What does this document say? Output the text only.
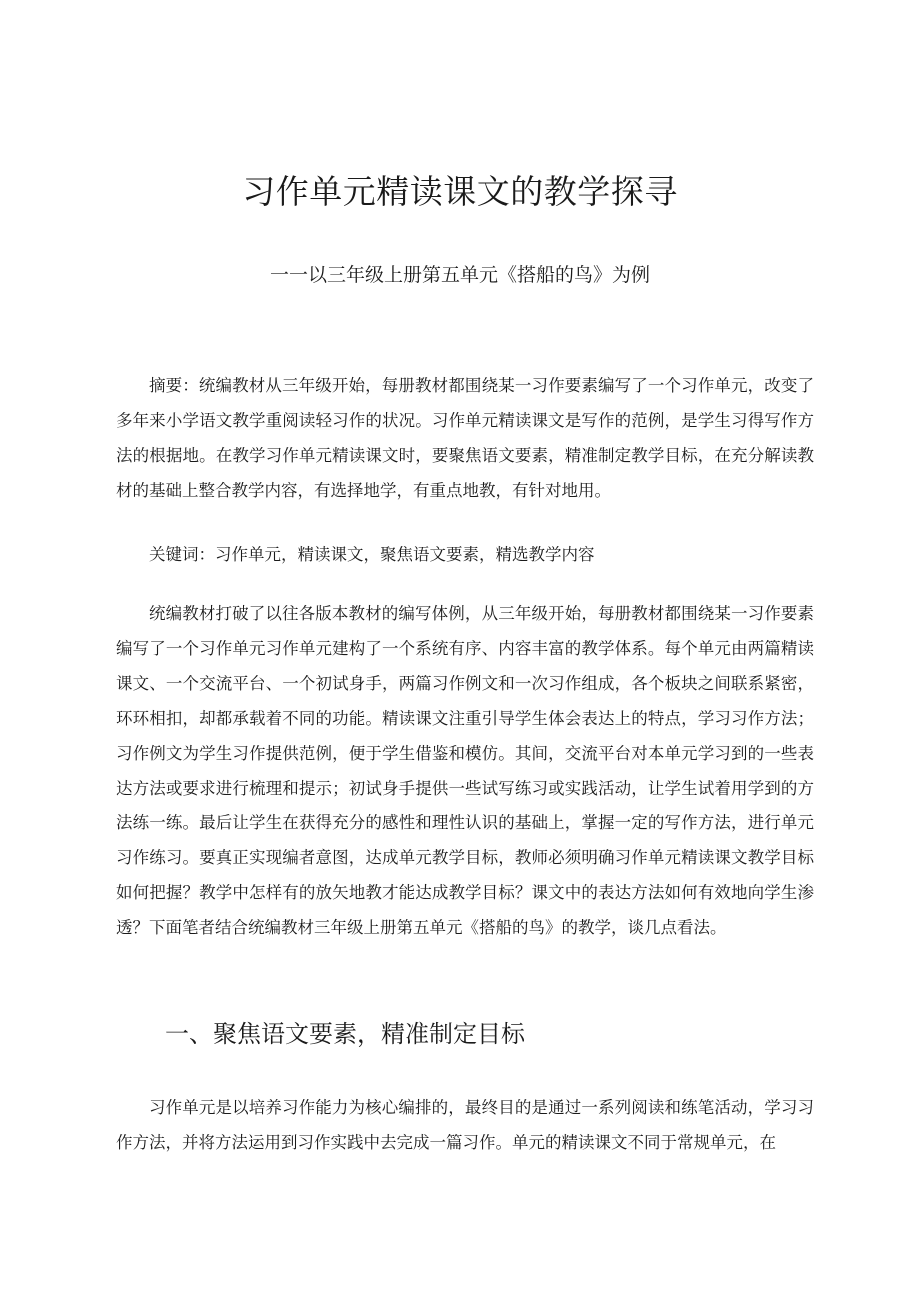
习作单元精读课文的教学探寻

一一以三年级上册第五单元《搭船的鸟》为例

摘要：统编教材从三年级开始，每册教材都围绕某一习作要素编写了一个习作单元，改变了多年来小学语文教学重阅读轻习作的状况。习作单元精读课文是写作的范例，是学生习得写作方法的根据地。在教学习作单元精读课文时，要聚焦语文要素，精准制定教学目标，在充分解读教材的基础上整合教学内容，有选择地学，有重点地教，有针对地用。

关键词：习作单元，精读课文，聚焦语文要素，精选教学内容

统编教材打破了以往各版本教材的编写体例，从三年级开始，每册教材都围绕某一习作要素编写了一个习作单元习作单元建构了一个系统有序、内容丰富的教学体系。每个单元由两篇精读课文、一个交流平台、一个初试身手，两篇习作例文和一次习作组成，各个板块之间联系紧密，环环相扣，却都承载着不同的功能。精读课文注重引导学生体会表达上的特点，学习习作方法；习作例文为学生习作提供范例，便于学生借鉴和模仿。其间，交流平台对本单元学习到的一些表达方法或要求进行梳理和提示；初试身手提供一些试写练习或实践活动，让学生试着用学到的方法练一练。最后让学生在获得充分的感性和理性认识的基础上，掌握一定的写作方法，进行单元习作练习。要真正实现编者意图，达成单元教学目标，教师必须明确习作单元精读课文教学目标如何把握？教学中怎样有的放矢地教才能达成教学目标？课文中的表达方法如何有效地向学生渗透？下面笔者结合统编教材三年级上册第五单元《搭船的鸟》的教学，谈几点看法。

一、聚焦语文要素，精准制定目标

习作单元是以培养习作能力为核心编排的，最终目的是通过一系列阅读和练笔活动，学习习作方法，并将方法运用到习作实践中去完成一篇习作。单元的精读课文不同于常规单元，在
